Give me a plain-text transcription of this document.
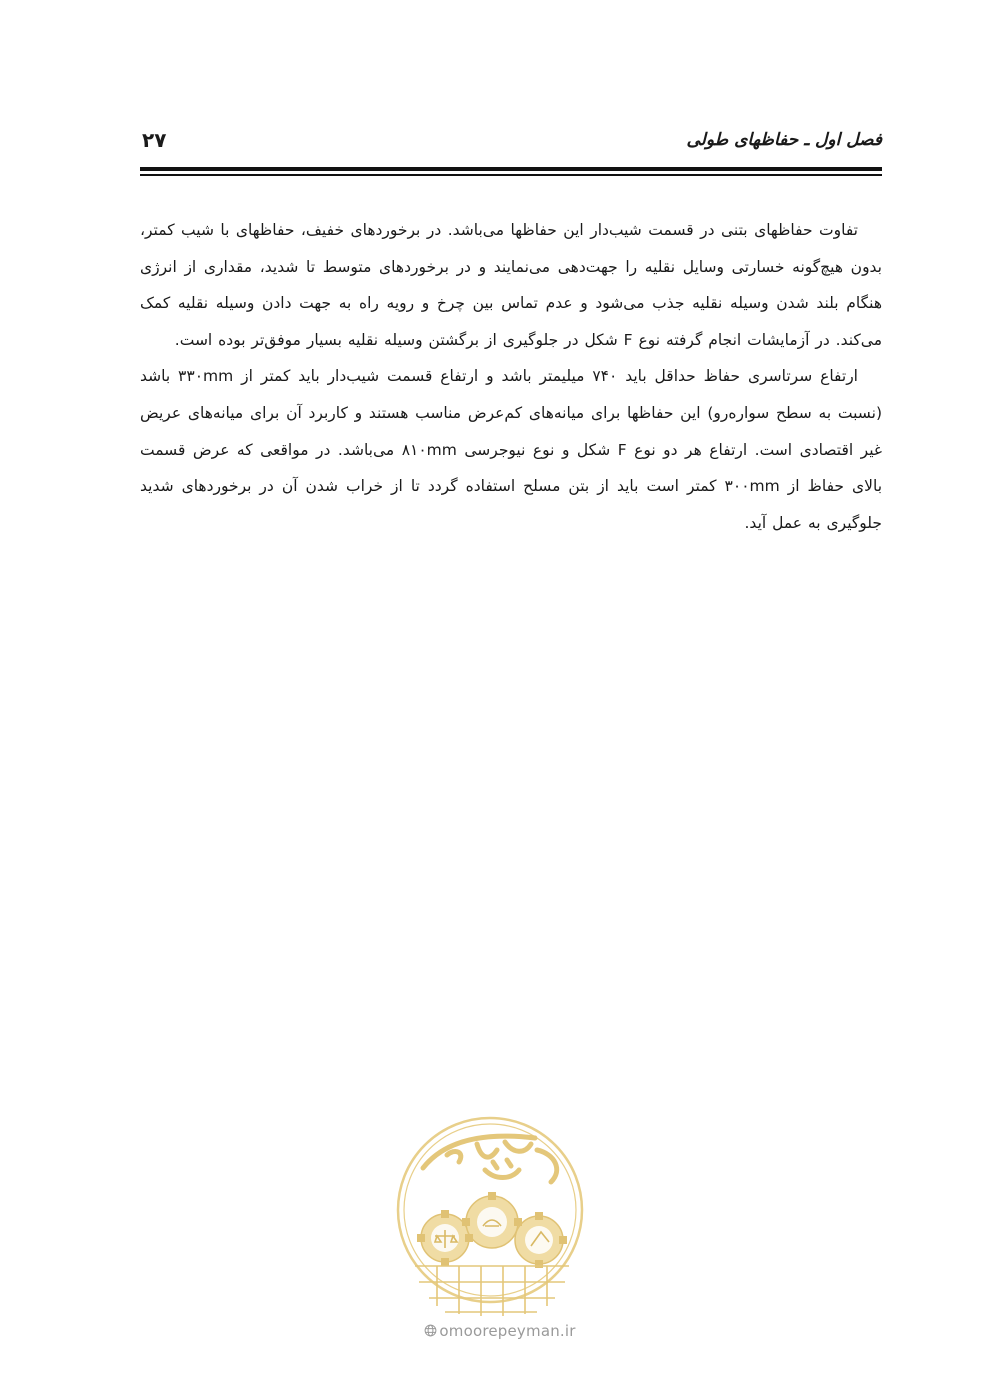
فصل اول ـ حفاظهای طولی
۲۷

تفاوت حفاظهای بتنی در قسمت شیب‌دار این حفاظها می‌باشد. در برخوردهای خفیف، حفاظهای با شیب کمتر، بدون هیچ‌گونه خسارتی وسایل نقلیه را جهت‌دهی می‌نمایند و در برخوردهای متوسط تا شدید، مقداری از انرژی هنگام بلند شدن وسیله نقلیه جذب می‌شود و عدم تماس بین چرخ و رویه راه به جهت دادن وسیله نقلیه کمک می‌کند. در آزمایشات انجام گرفته نوع F شکل در جلوگیری از برگشتن وسیله نقلیه بسیار موفق‌تر بوده است.

ارتفاع سرتاسری حفاظ حداقل باید ۷۴۰ میلیمتر باشد و ارتفاع قسمت شیب‌دار باید کمتر از ۳۳۰mm باشد (نسبت به سطح سواره‌رو) این حفاظها برای میانه‌های کم‌عرض مناسب هستند و کاربرد آن برای میانه‌های عریض غیر اقتصادی است. ارتفاع هر دو نوع F شکل و نوع نیوجرسی ۸۱۰mm می‌باشد. در مواقعی که عرض قسمت بالای حفاظ از ۳۰۰mm کمتر است باید از بتن مسلح استفاده گردد تا از خراب شدن آن در برخوردهای شدید جلوگیری به عمل آید.

omoorepeyman.ir
